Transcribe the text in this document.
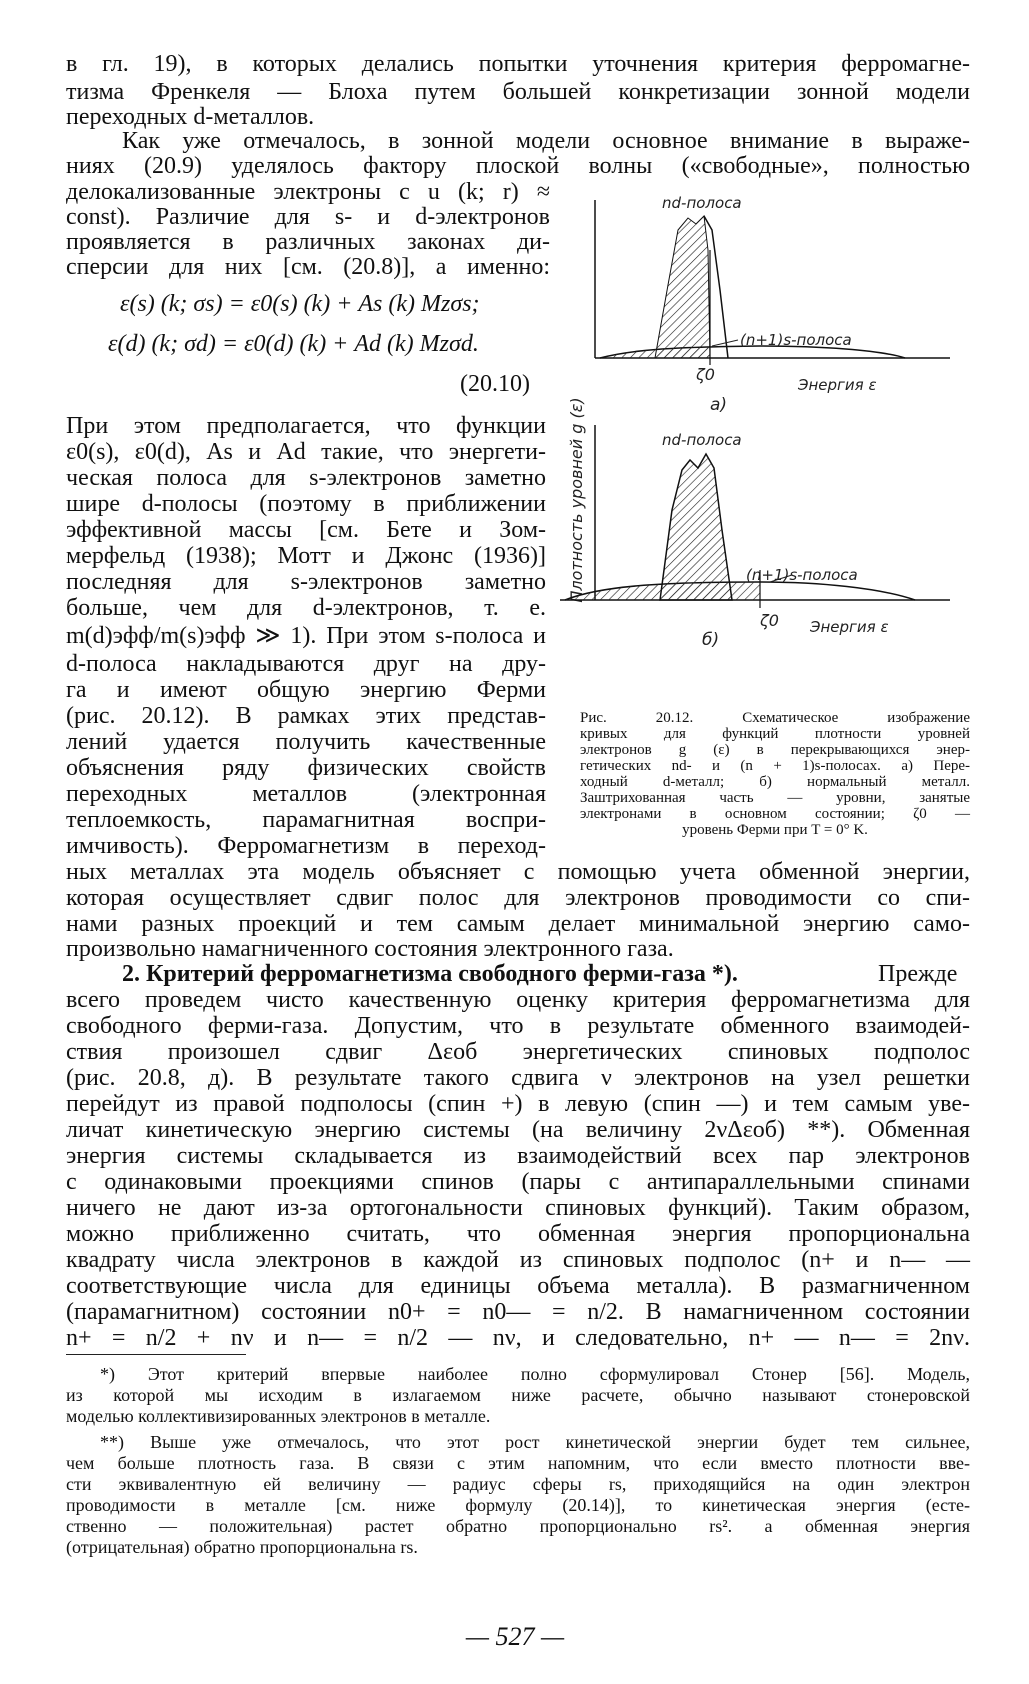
в гл. 19), в которых делались попытки уточнения критерия ферромагне-
тизма Френкеля — Блоха путем большей конкретизации зонной модели
переходных d-металлов.
Как уже отмечалось, в зонной модели основное внимание в выраже-
ниях (20.9) уделялось фактору плоской волны («свободные», полностью
делокализованные электроны с u (k; r) ≈
const). Различие для s- и d-электронов
проявляется в различных законах ди-
сперсии для них [см. (20.8)], а именно:
ε(s) (k; σs) = ε0(s) (k) + As (k) Mzσs;
ε(d) (k; σd) = ε0(d) (k) + Ad (k) Mzσd.
(20.10)
При этом предполагается, что функции
ε0(s), ε0(d), As и Ad такие, что энергети-
ческая полоса для s-электронов заметно
шире d-полосы (поэтому в приближении
эффективной массы [см. Бете и Зом-
мерфельд (1938); Мотт и Джонс (1936)]
последняя для s-электронов заметно
больше, чем для d-электронов, т. е.
m(d)эфф/m(s)эфф ≫ 1). При этом s-полоса и
d-полоса накладываются друг на дру-
га и имеют общую энергию Ферми
(рис. 20.12). В рамках этих представ-
лений удается получить качественные
объяснения ряду физических свойств
переходных металлов (электронная
теплоемкость, парамагнитная воспри-
имчивость). Ферромагнетизм в переход-
ных металлах эта модель объясняет с помощью учета обменной энергии,
которая осуществляет сдвиг полос для электронов проводимости со спи-
нами разных проекций и тем самым делает минимальной энергию само-
произвольно намагниченного состояния электронного газа.
2. Критерий ферромагнетизма свободного ферми-газа *).	Прежде
всего проведем чисто качественную оценку критерия ферромагнетизма для
свободного ферми-газа. Допустим, что в результате обменного взаимодей-
ствия произошел сдвиг Δεоб энергетических спиновых подполос
(рис. 20.8, д). В результате такого сдвига ν электронов на узел решетки
перейдут из правой подполосы (спин +) в левую (спин —) и тем самым уве-
личат кинетическую энергию системы (на величину 2νΔεоб) **). Обменная
энергия системы складывается из взаимодействий всех пар электронов
с одинаковыми проекциями спинов (пары с антипараллельными спинами
ничего не дают из-за ортогональности спиновых функций). Таким образом,
можно приближенно считать, что обменная энергия пропорциональна
квадрату числа электронов в каждой из спиновых подполос (n+ и n— —
соответствующие числа для единицы объема металла). В размагниченном
(парамагнитном) состоянии n0+ = n0— = n/2. В намагниченном состоянии
n+ = n/2 + nν и n— = n/2 — nν, и следовательно, n+ — n— = 2nν.
*) Этот критерий впервые наиболее полно сформулировал Стонер [56]. Модель,
из которой мы исходим в излагаемом ниже расчете, обычно называют стонеровской
моделью коллективизированных электронов в металле.
**) Выше уже отмечалось, что этот рост кинетической энергии будет тем сильнее,
чем больше плотность газа. В связи с этим напомним, что если вместо плотности вве-
сти эквивалентную ей величину — радиус сферы rs, приходящийся на один электрон
проводимости в металле [см. ниже формулу (20.14)], то кинетическая энергия (есте-
ственно — положительная) растет обратно пропорционально rs². а обменная энергия
(отрицательная) обратно пропорциональна rs.
— 527 —
Плотность уровней g (ε)
nd-полоса
(n+1)s-полоса
ζ0
Энергия ε
а)
nd-полоса
(n+1)s-полоса
ζ0 Энергия ε
б)
Рис. 20.12. Схематическое изображение
кривых для функций плотности уровней
электронов g (ε) в перекрывающихся энер-
гетических nd- и (n + 1)s-полосах. а) Пере-
ходный d-металл; б) нормальный металл.
Заштрихованная часть — уровни, занятые
электронами в основном состоянии; ζ0 —
уровень Ферми при T = 0° K.
